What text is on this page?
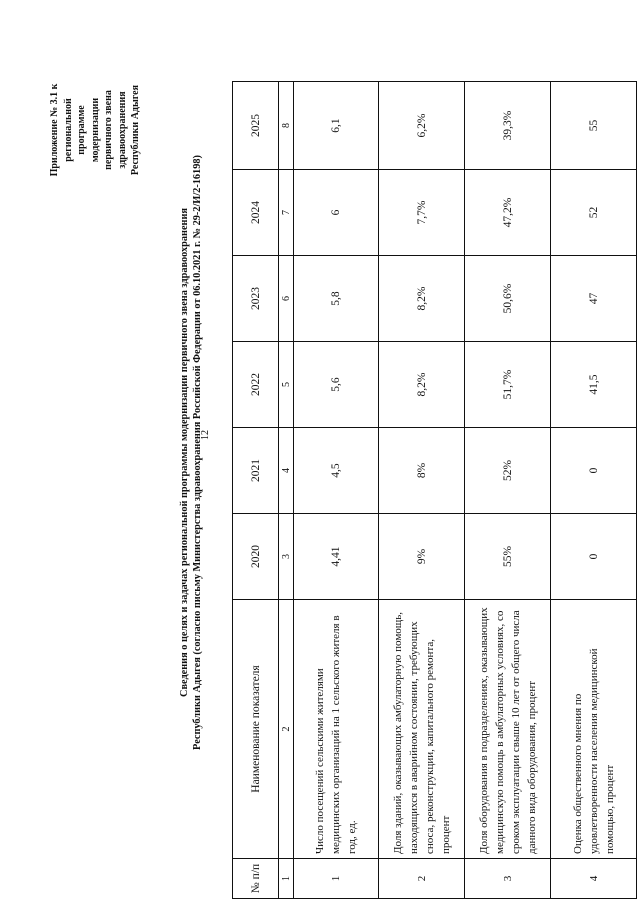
12
Приложение № 3.1 к региональной программе модернизации первичного звена здравоохранения Республики Адыгея
Сведения о целях и задачах региональной программы модернизации первичного звена здравоохранения Республики Адыгея (согласно письму Министерства здравоохранения Российской Федерации от 06.10.2021 г. № 29-2/И/2-16198)
№ п/п	Наименование показателя	2020	2021	2022	2023	2024	2025
1	2	3	4	5	6	7	8
1	Число посещений сельскими жителями медицинских организаций на 1 сельского жителя в год, ед.	4,41	4,5	5,6	5,8	6	6,1
2	Доля зданий, оказывающих амбулаторную помощь, находящихся в аварийном состоянии, требующих сноса, реконструкции, капитального ремонта, процент	9%	8%	8,2%	8,2%	7,7%	6,2%
3	Доля оборудования в подразделениях, оказывающих медицинскую помощь в амбулаторных условиях, со сроком эксплуатации свыше 10 лет от общего числа данного вида оборудования, процент	55%	52%	51,7%	50,6%	47,2%	39,3%
4	Оценка общественного мнения по удовлетворенности населения медицинской помощью, процент	0	0	41,5	47	52	55
